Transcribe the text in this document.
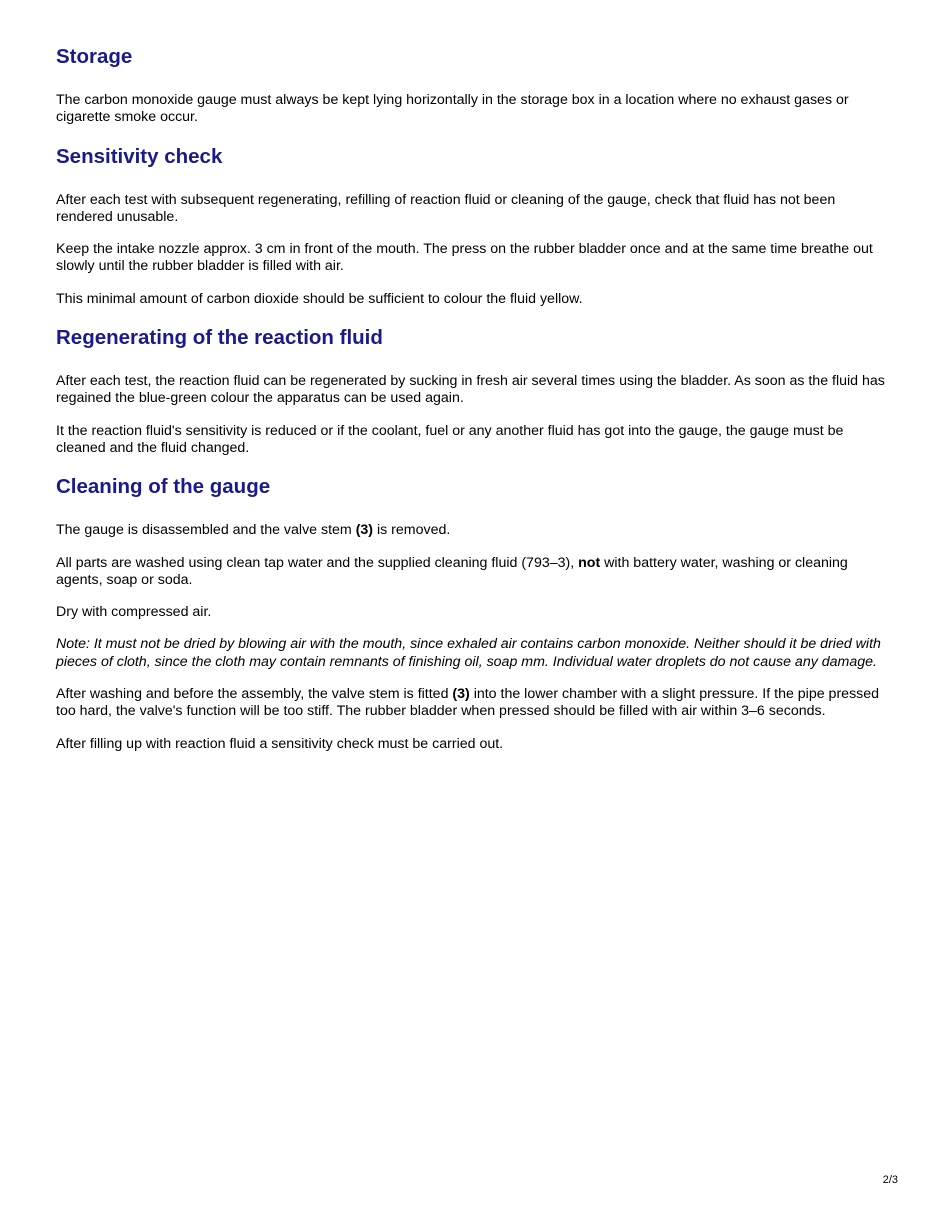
Storage

The carbon monoxide gauge must always be kept lying horizontally in the storage box in a location where no exhaust gases or cigarette smoke occur.

Sensitivity check

After each test with subsequent regenerating, refilling of reaction fluid or cleaning of the gauge, check that fluid has not been rendered unusable.

Keep the intake nozzle approx. 3 cm in front of the mouth. The press on the rubber bladder once and at the same time breathe out slowly until the rubber bladder is filled with air.

This minimal amount of carbon dioxide should be sufficient to colour the fluid yellow.

Regenerating of the reaction fluid

After each test, the reaction fluid can be regenerated by sucking in fresh air several times using the bladder. As soon as the fluid has regained the blue-green colour the apparatus can be used again.

It the reaction fluid's sensitivity is reduced or if the coolant, fuel or any another fluid has got into the gauge, the gauge must be cleaned and the fluid changed.

Cleaning of the gauge

The gauge is disassembled and the valve stem (3) is removed.

All parts are washed using clean tap water and the supplied cleaning fluid (793–3), not with battery water, washing or cleaning agents, soap or soda.

Dry with compressed air.

Note: It must not be dried by blowing air with the mouth, since exhaled air contains carbon monoxide. Neither should it be dried with pieces of cloth, since the cloth may contain remnants of finishing oil, soap mm. Individual water droplets do not cause any damage.

After washing and before the assembly, the valve stem is fitted (3) into the lower chamber with a slight pressure. If the pipe pressed too hard, the valve's function will be too stiff. The rubber bladder when pressed should be filled with air within 3–6 seconds.

After filling up with reaction fluid a sensitivity check must be carried out.

2/3
